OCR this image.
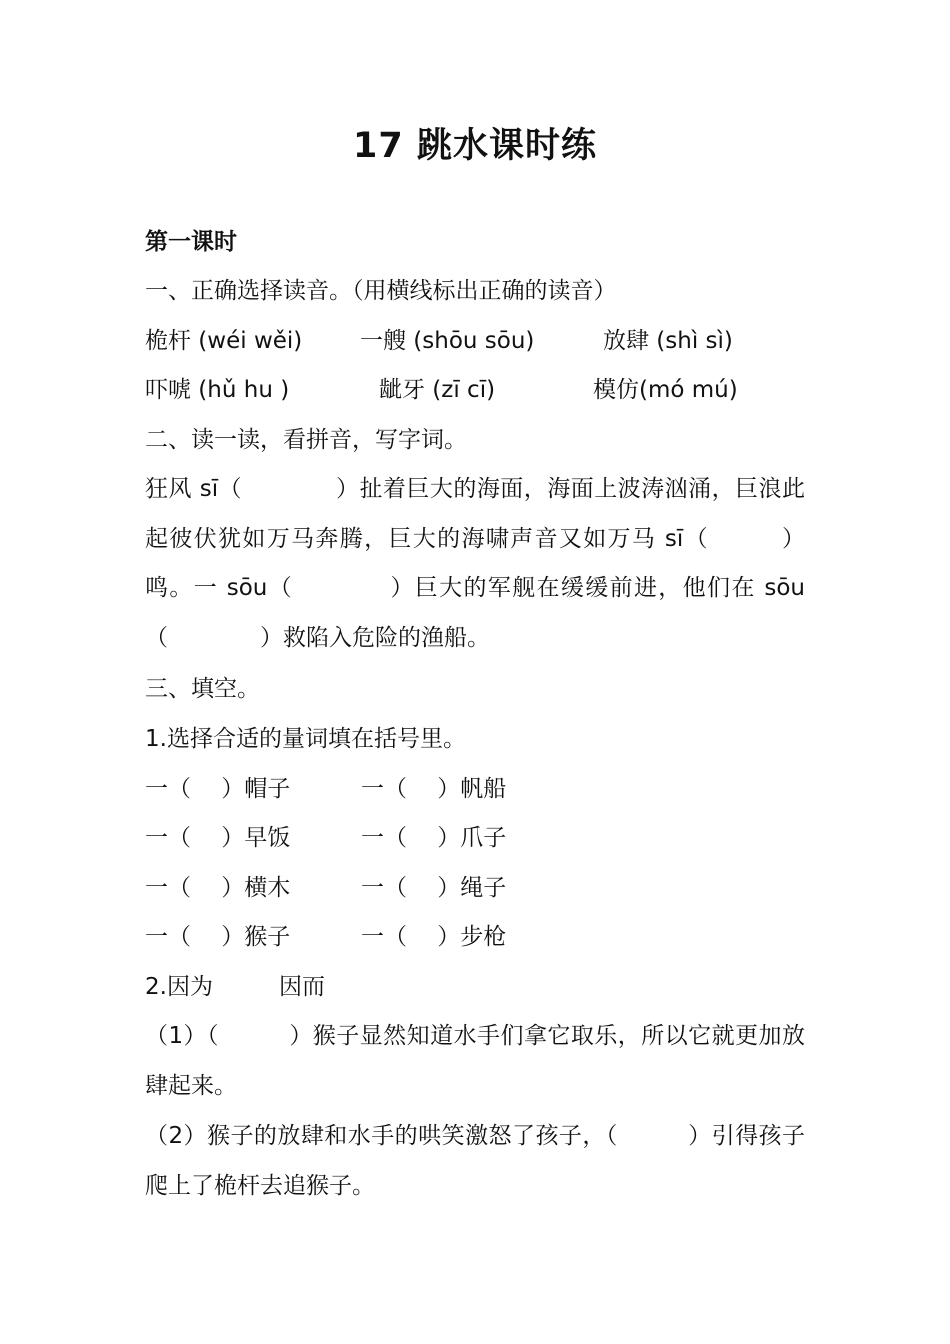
17 跳水课时练
第一课时
一、正确选择读音。（用横线标出正确的读音）
桅杆 (wéi wěi)	一艘 (shōu sōu)	放肆 (shì sì)
吓唬 (hǔ hu )	龇牙 (zī cī)	模仿(mó mú)
二、读一读，看拼音，写字词。
狂风 sī（　　　　）扯着巨大的海面，海面上波涛汹涌，巨浪此起彼伏犹如万马奔腾，巨大的海啸声音又如万马 sī（　　　）鸣。一 sōu（　　　　）巨大的军舰在缓缓前进，他们在 sōu（　　　　）救陷入危险的渔船。
三、填空。
1.选择合适的量词填在括号里。
一（　 ）帽子	一（　 ）帆船
一（　 ）早饭	一（　 ）爪子
一（　 ）横木	一（　 ）绳子
一（　 ）猴子	一（　 ）步枪
2.因为	因而
（1）（　　　）猴子显然知道水手们拿它取乐，所以它就更加放肆起来。
（2）猴子的放肆和水手的哄笑激怒了孩子，（　　　）引得孩子爬上了桅杆去追猴子。
